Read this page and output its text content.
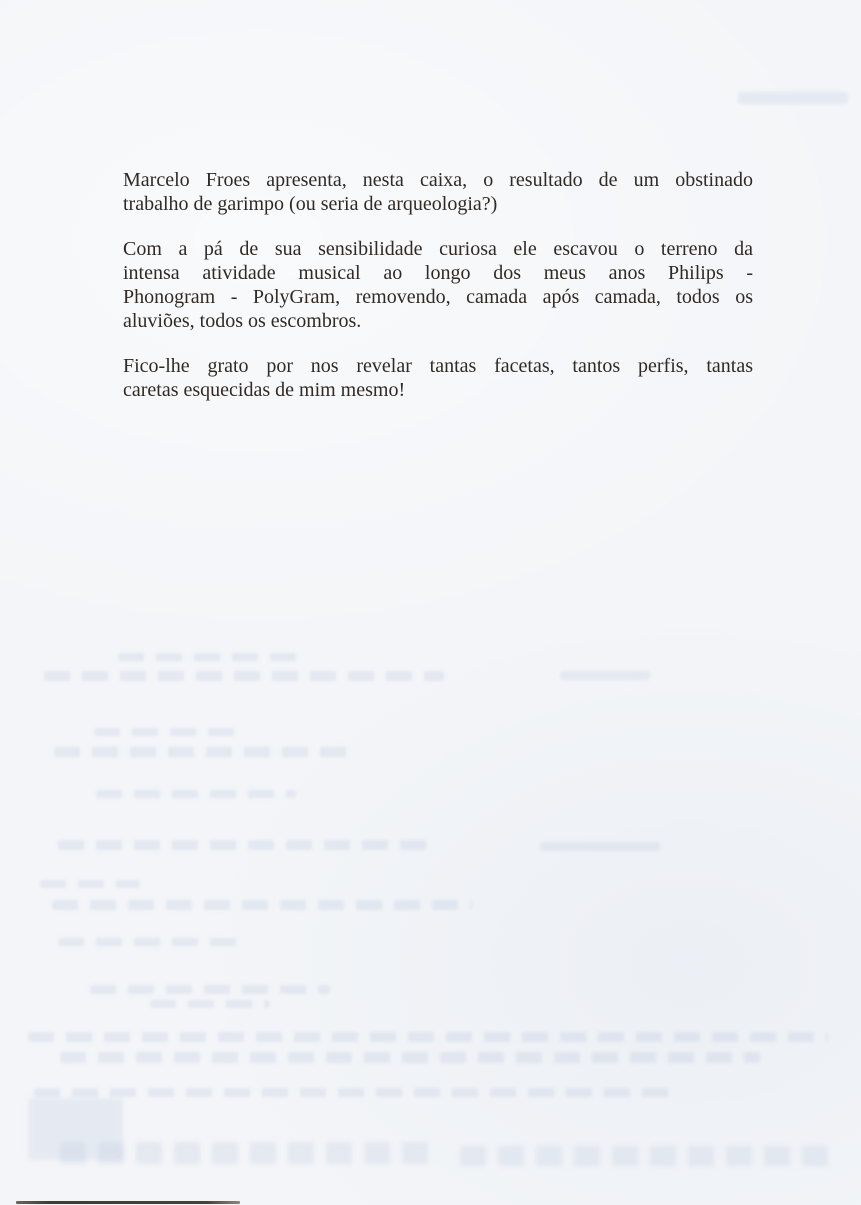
Marcelo Froes apresenta, nesta caixa, o resultado de um obstinado
trabalho de garimpo (ou seria de arqueologia?)

Com a pá de sua sensibilidade curiosa ele escavou o terreno da
intensa atividade musical ao longo dos meus anos Philips -
Phonogram - PolyGram, removendo, camada após camada, todos os
aluviões, todos os escombros.

Fico-lhe grato por nos revelar tantas facetas, tantos perfis, tantas
caretas esquecidas de mim mesmo!
